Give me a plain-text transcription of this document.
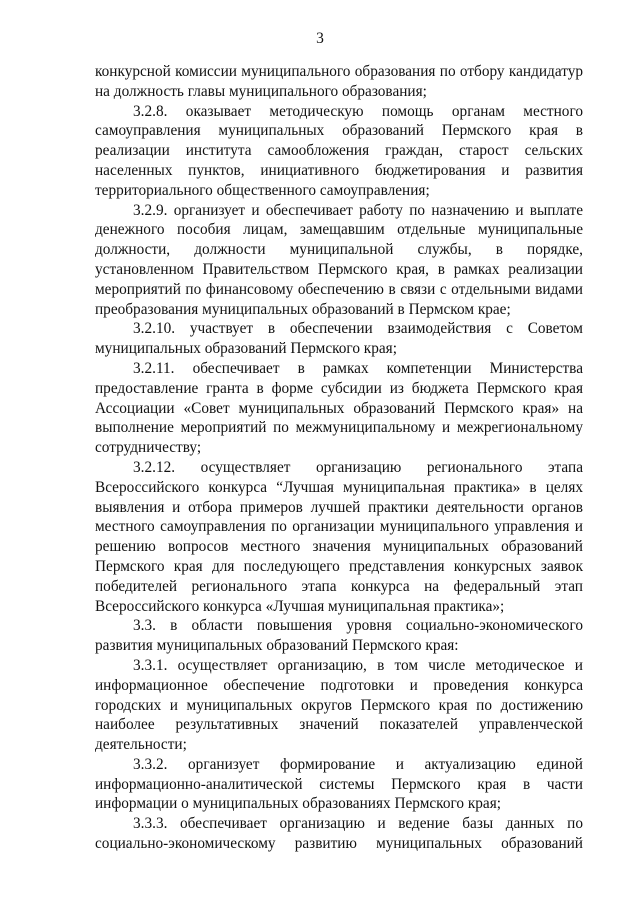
3

конкурсной комиссии муниципального образования по отбору кандидатур на должность главы муниципального образования;

3.2.8. оказывает методическую помощь органам местного самоуправления муниципальных образований Пермского края в реализации института самообложения граждан, старост сельских населенных пунктов, инициативного бюджетирования и развития территориального общественного самоуправления;

3.2.9. организует и обеспечивает работу по назначению и выплате денежного пособия лицам, замещавшим отдельные муниципальные должности, должности муниципальной службы, в порядке, установленном Правительством Пермского края, в рамках реализации мероприятий по финансовому обеспечению в связи с отдельными видами преобразования муниципальных образований в Пермском крае;

3.2.10. участвует в обеспечении взаимодействия с Советом муниципальных образований Пермского края;

3.2.11. обеспечивает в рамках компетенции Министерства предоставление гранта в форме субсидии из бюджета Пермского края Ассоциации «Совет муниципальных образований Пермского края» на выполнение мероприятий по межмуниципальному и межрегиональному сотрудничеству;

3.2.12. осуществляет организацию регионального этапа Всероссийского конкурса “Лучшая муниципальная практика» в целях выявления и отбора примеров лучшей практики деятельности органов местного самоуправления по организации муниципального управления и решению вопросов местного значения муниципальных образований Пермского края для последующего представления конкурсных заявок победителей регионального этапа конкурса на федеральный этап Всероссийского конкурса «Лучшая муниципальная практика»;

3.3. в области повышения уровня социально-экономического развития муниципальных образований Пермского края:

3.3.1. осуществляет организацию, в том числе методическое и информационное обеспечение подготовки и проведения конкурса городских и муниципальных округов Пермского края по достижению наиболее результативных значений показателей управленческой деятельности;

3.3.2. организует формирование и актуализацию единой информационно-аналитической системы Пермского края в части информации о муниципальных образованиях Пермского края;

3.3.3. обеспечивает организацию и ведение базы данных по социально-экономическому развитию муниципальных образований
